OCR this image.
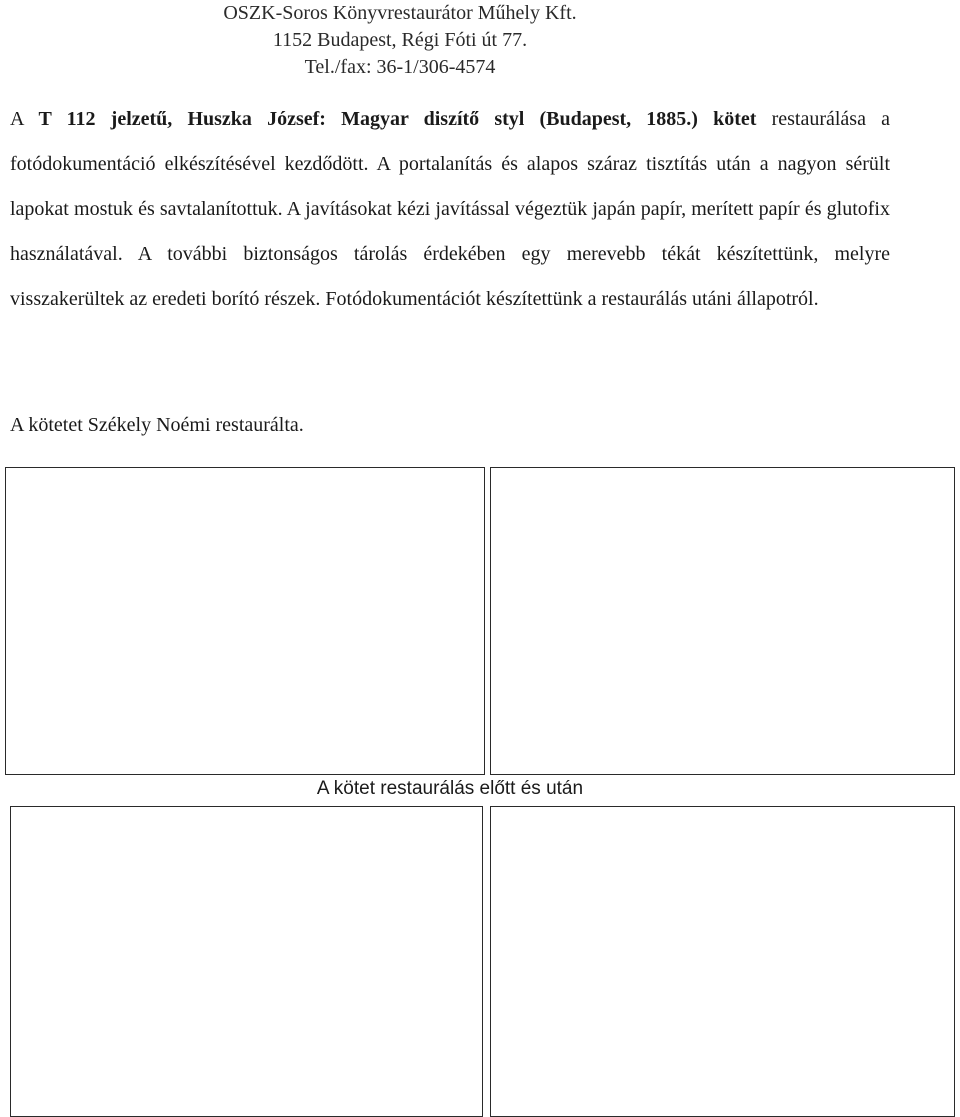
OSZK-Soros Könyvrestaurátor Műhely Kft.
1152 Budapest, Régi Fóti út 77.
Tel./fax: 36-1/306-4574

A T 112 jelzetű, Huszka József: Magyar diszítő styl (Budapest, 1885.) kötet restaurálása a fotódokumentáció elkészítésével kezdődött. A portalanítás és alapos száraz tisztítás után a nagyon sérült lapokat mostuk és savtalanítottuk. A javításokat kézi javítással végeztük japán papír, merített papír és glutofix használatával. A további biztonságos tárolás érdekében egy merevebb tékát készítettünk, melyre visszakerültek az eredeti borító részek. Fotódokumentációt készítettünk a restaurálás utáni állapotról.

A kötetet Székely Noémi restaurálta.
A kötet restaurálás előtt és után
